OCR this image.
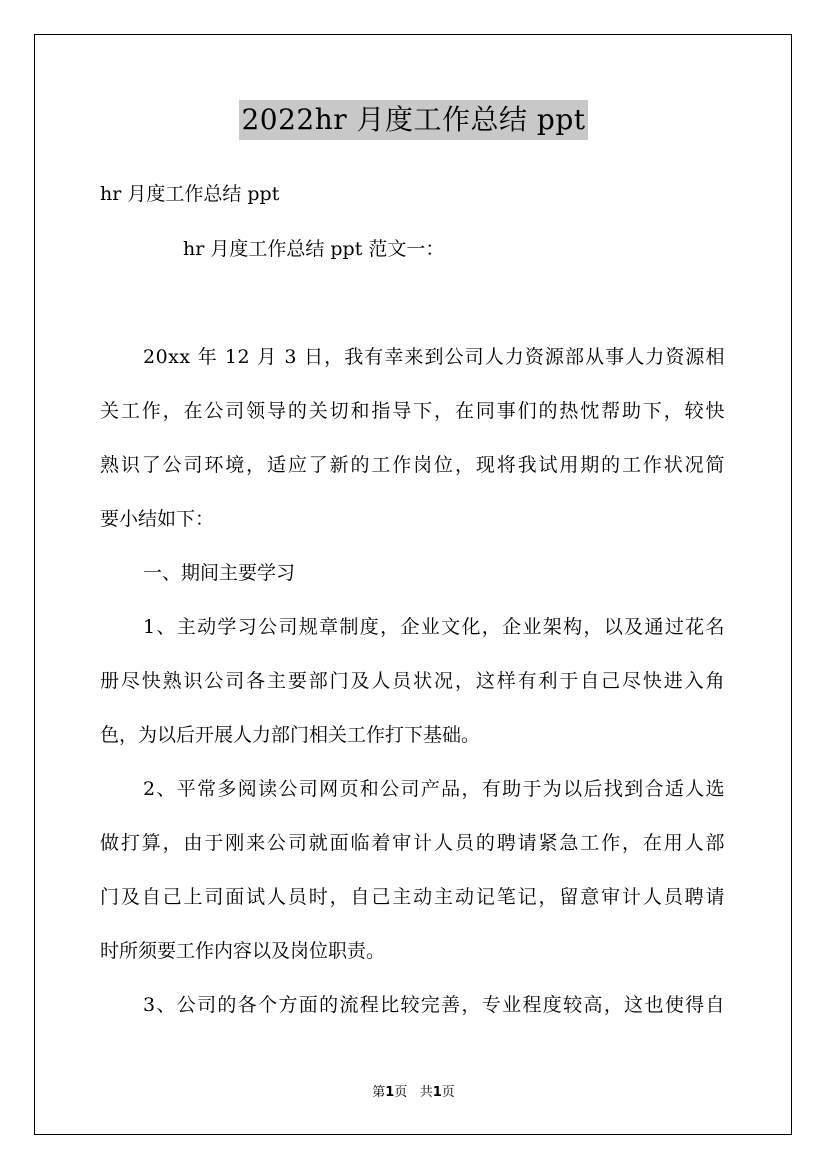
2022hr 月度工作总结 ppt
hr 月度工作总结 ppt
hr 月度工作总结 ppt 范文一：
20xx 年 12 月 3 日，我有幸来到公司人力资源部从事人力资源相
关工作，在公司领导的关切和指导下，在同事们的热忱帮助下，较快
熟识了公司环境，适应了新的工作岗位，现将我试用期的工作状况简
要小结如下：
一、期间主要学习
1、主动学习公司规章制度，企业文化，企业架构，以及通过花名
册尽快熟识公司各主要部门及人员状况，这样有利于自己尽快进入角
色，为以后开展人力部门相关工作打下基础。
2、平常多阅读公司网页和公司产品，有助于为以后找到合适人选
做打算，由于刚来公司就面临着审计人员的聘请紧急工作，在用人部
门及自己上司面试人员时，自己主动主动记笔记，留意审计人员聘请
时所须要工作内容以及岗位职责。
3、公司的各个方面的流程比较完善，专业程度较高，这也使得自
第1页 共1页
